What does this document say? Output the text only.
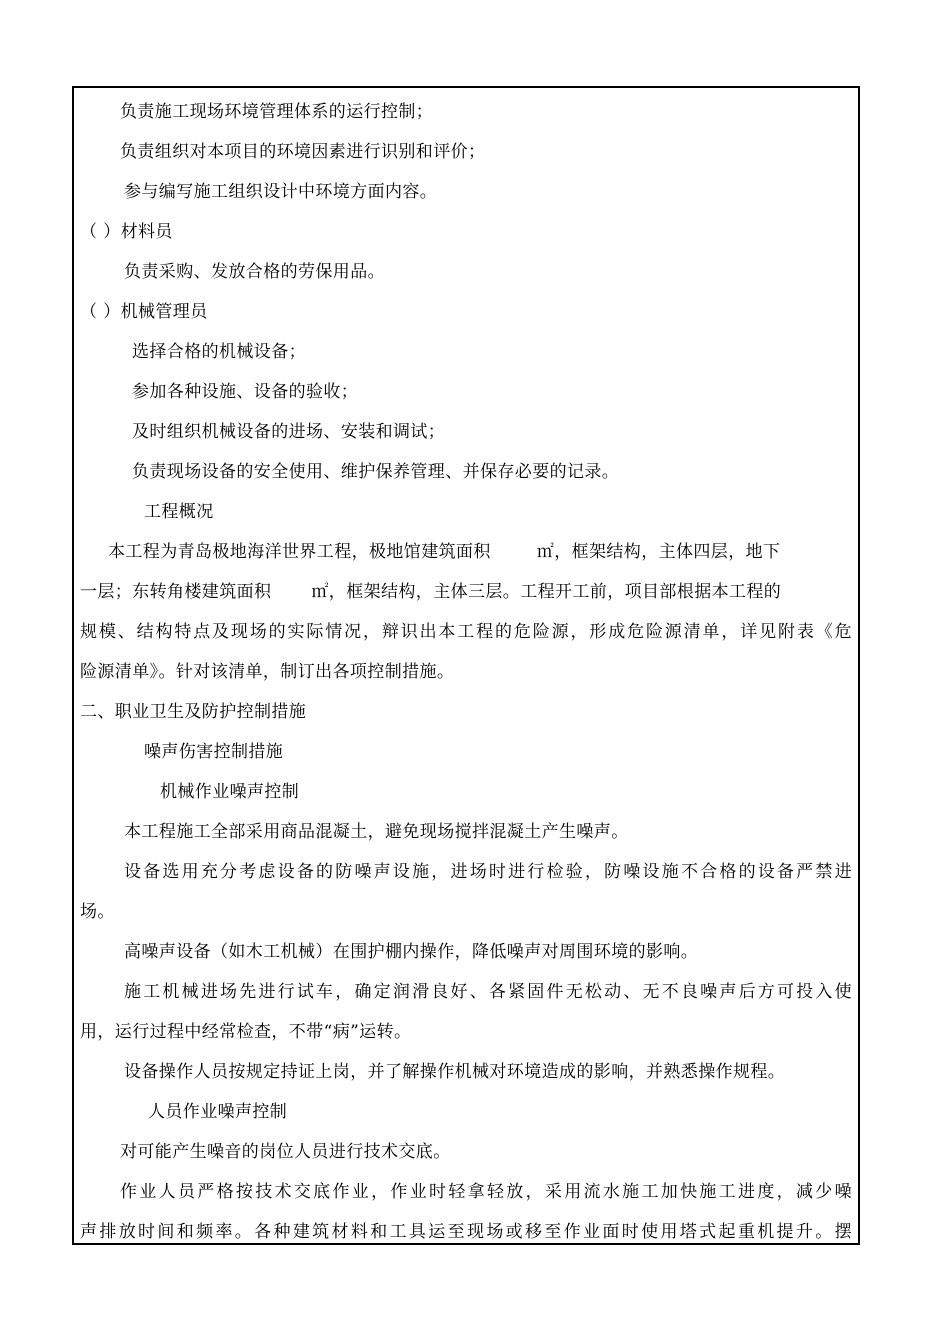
负责施工现场环境管理体系的运行控制；
负责组织对本项目的环境因素进行识别和评价；
参与编写施工组织设计中环境方面内容。
（ ）材料员
负责采购、发放合格的劳保用品。
（ ）机械管理员
选择合格的机械设备；
参加各种设施、设备的验收；
及时组织机械设备的进场、安装和调试；
负责现场设备的安全使用、维护保养管理、并保存必要的记录。
工程概况
本工程为青岛极地海洋世界工程，极地馆建筑面积	㎡，框架结构，主体四层，地下
一层；东转角楼建筑面积 ㎡，框架结构，主体三层。工程开工前，项目部根据本工程的
规模、结构特点及现场的实际情况，辩识出本工程的危险源，形成危险源清单，详见附表《危
险源清单》。针对该清单，制订出各项控制措施。
二、职业卫生及防护控制措施
噪声伤害控制措施
机械作业噪声控制
本工程施工全部采用商品混凝土，避免现场搅拌混凝土产生噪声。
设备选用充分考虑设备的防噪声设施，进场时进行检验，防噪设施不合格的设备严禁进
场。
高噪声设备（如木工机械）在围护棚内操作，降低噪声对周围环境的影响。
施工机械进场先进行试车，确定润滑良好、各紧固件无松动、无不良噪声后方可投入使
用，运行过程中经常检查，不带“病”运转。
设备操作人员按规定持证上岗，并了解操作机械对环境造成的影响，并熟悉操作规程。
人员作业噪声控制
对可能产生噪音的岗位人员进行技术交底。
作业人员严格按技术交底作业，作业时轻拿轻放，采用流水施工加快施工进度，减少噪
声排放时间和频率。各种建筑材料和工具运至现场或移至作业面时使用塔式起重机提升。摆
